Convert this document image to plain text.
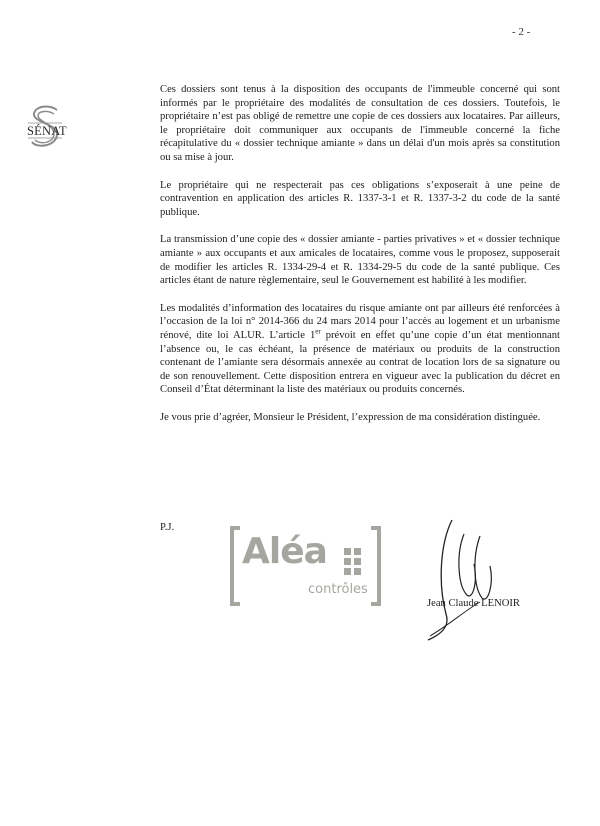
- 2 -
SÉNAT

Ces dossiers sont tenus à la disposition des occupants de l'immeuble concerné qui sont informés par le propriétaire des modalités de consultation de ces dossiers. Toutefois, le propriétaire n’est pas obligé de remettre une copie de ces dossiers aux locataires. Par ailleurs, le propriétaire doit communiquer aux occupants de l'immeuble concerné la fiche récapitulative du « dossier technique amiante » dans un délai d'un mois après sa constitution ou sa mise à jour.

Le propriétaire qui ne respecterait pas ces obligations s’exposerait à une peine de contravention en application des articles R. 1337-3-1 et R. 1337-3-2 du code de la santé publique.

La transmission d’une copie des « dossier amiante - parties privatives » et « dossier technique amiante » aux occupants et aux amicales de locataires, comme vous le proposez, supposerait de modifier les articles R. 1334-29-4 et R. 1334-29-5 du code de la santé publique. Ces articles étant de nature règlementaire, seul le Gouvernement est habilité à les modifier.

Les modalités d’information des locataires du risque amiante ont par ailleurs été renforcées à l’occasion de la loi n° 2014-366 du 24 mars 2014 pour l’accès au logement et un urbanisme rénové, dite loi ALUR. L’article 1er prévoit en effet qu’une copie d’un état mentionnant l’absence ou, le cas échéant, la présence de matériaux ou produits de la construction contenant de l’amiante sera désormais annexée au contrat de location lors de sa signature ou de son renouvellement. Cette disposition entrera en vigueur avec la publication du décret en Conseil d’État déterminant la liste des matériaux ou produits concernés.

Je vous prie d’agréer, Monsieur le Président, l’expression de ma considération distinguée.

P.J.
Aléa
contrôles
Jean Claude LENOIR
